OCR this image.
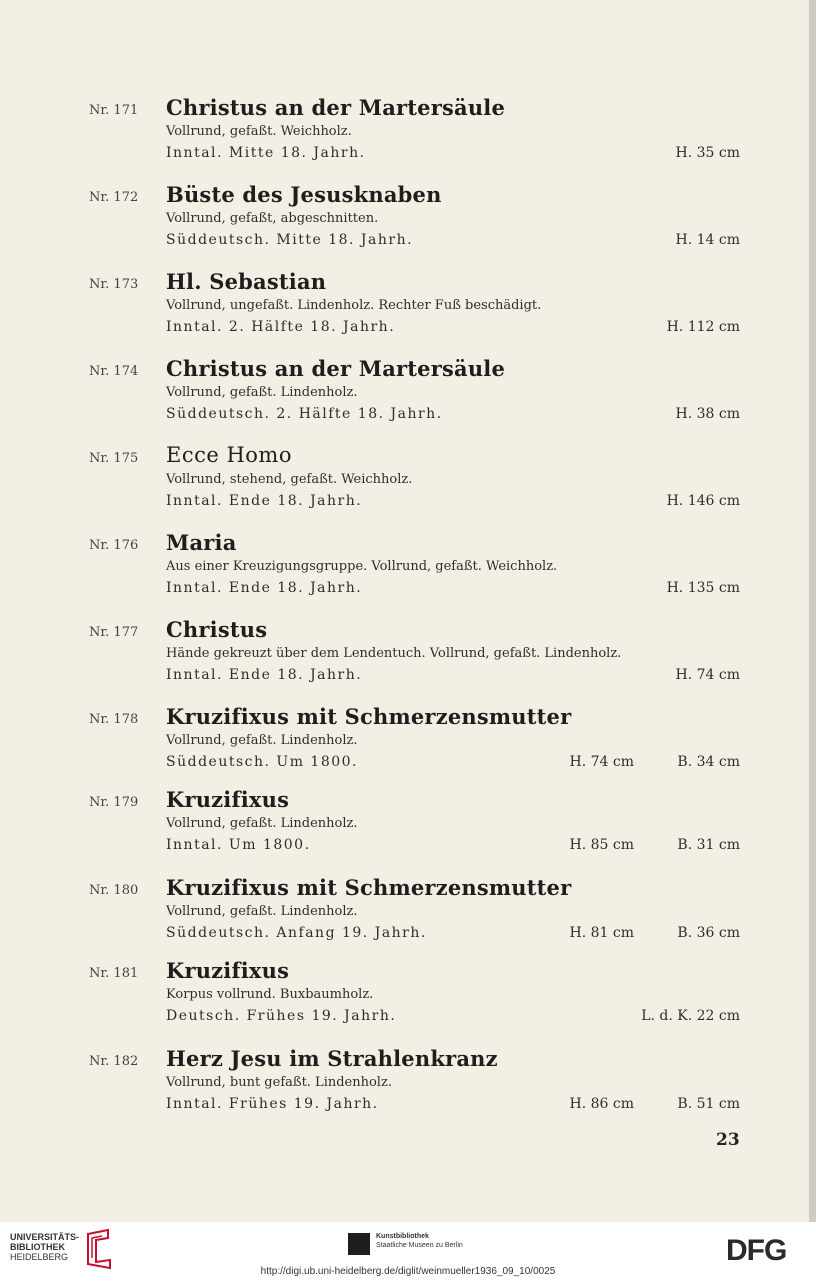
Nr. 171 Christus an der Martersäule
Vollrund, gefaßt. Weichholz.
Inntal. Mitte 18. Jahrh.	H. 35 cm
Nr. 172 Büste des Jesusknaben
Vollrund, gefaßt, abgeschnitten.
Süddeutsch. Mitte 18. Jahrh.	H. 14 cm
Nr. 173 Hl. Sebastian
Vollrund, ungefaßt. Lindenholz. Rechter Fuß beschädigt.
Inntal. 2. Hälfte 18. Jahrh.	H. 112 cm
Nr. 174 Christus an der Martersäule
Vollrund, gefaßt. Lindenholz.
Süddeutsch. 2. Hälfte 18. Jahrh.	H. 38 cm
Nr. 175 Ecce Homo
Vollrund, stehend, gefaßt. Weichholz.
Inntal. Ende 18. Jahrh.	H. 146 cm
Nr. 176 Maria
Aus einer Kreuzigungsgruppe. Vollrund, gefaßt. Weichholz.
Inntal. Ende 18. Jahrh.	H. 135 cm
Nr. 177 Christus
Hände gekreuzt über dem Lendentuch. Vollrund, gefaßt. Lindenholz.
Inntal. Ende 18. Jahrh.	H. 74 cm
Nr. 178 Kruzifixus mit Schmerzensmutter
Vollrund, gefaßt. Lindenholz.
Süddeutsch. Um 1800.	H. 74 cm	B. 34 cm
Nr. 179 Kruzifixus
Vollrund, gefaßt. Lindenholz.
Inntal. Um 1800.	H. 85 cm	B. 31 cm
Nr. 180 Kruzifixus mit Schmerzensmutter
Vollrund, gefaßt. Lindenholz.
Süddeutsch. Anfang 19. Jahrh.	H. 81 cm	B. 36 cm
Nr. 181 Kruzifixus
Korpus vollrund. Buxbaumholz.
Deutsch. Frühes 19. Jahrh.	L. d. K. 22 cm
Nr. 182 Herz Jesu im Strahlenkranz
Vollrund, bunt gefaßt. Lindenholz.
Inntal. Frühes 19. Jahrh.	H. 86 cm	B. 51 cm
23
UNIVERSITÄTS-
BIBLIOTHEK
HEIDELBERG
Kunstbibliothek
Staatliche Museen zu Berlin	DFG
http://digi.ub.uni-heidelberg.de/diglit/weinmueller1936_09_10/0025
